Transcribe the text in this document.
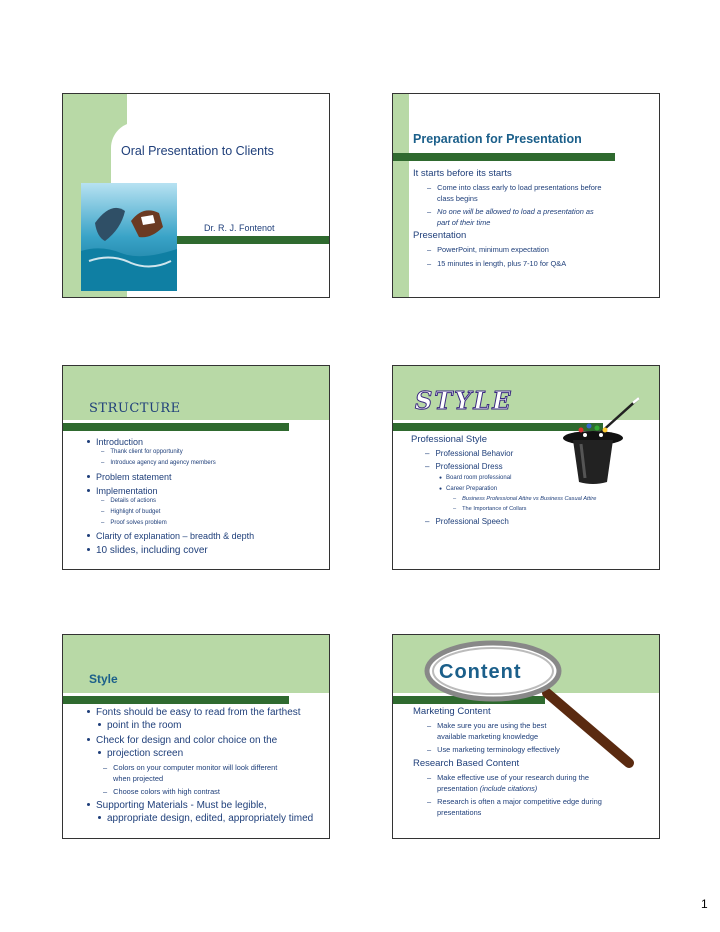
Oral Presentation to Clients
Dr. R. J. Fontenot
Preparation for Presentation
It starts before its starts
– Come into class early to load presentations before
class begins
– No one will be allowed to load a presentation as
part of their time
Presentation
– PowerPoint, minimum expectation
– 15 minutes in length, plus 7-10 for Q&A
STRUCTURE
Introduction
– Thank client for opportunity
– Introduce agency and agency members
Problem statement
Implementation
– Details of actions
– Highlight of budget
– Proof solves problem
Clarity of explanation – breadth & depth
10 slides, including cover
STYLE
Professional Style
– Professional Behavior
– Professional Dress
● Board room professional
● Career Preparation
– Business Professional Attire vs Business Casual Attire
– The Importance of Collars
– Professional Speech
Style
Fonts should be easy to read from the farthest
point in the room
Check for design and color choice on the
projection screen
– Colors on your computer monitor will look different
when projected
– Choose colors with high contrast
Supporting Materials - Must be legible,
appropriate design, edited, appropriately timed
Content
Marketing Content
– Make sure you are using the best
available marketing knowledge
– Use marketing terminology effectively
Research Based Content
– Make effective use of your research during the
presentation (include citations)
– Research is often a major competitive edge during
presentations
1
